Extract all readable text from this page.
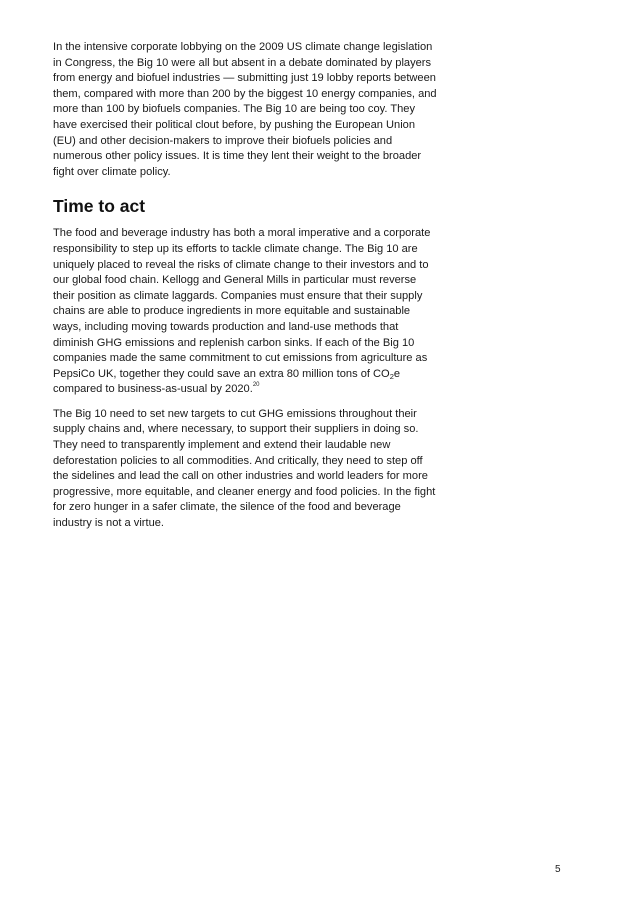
In the intensive corporate lobbying on the 2009 US climate change legislation in Congress, the Big 10 were all but absent in a debate dominated by players from energy and biofuel industries — submitting just 19 lobby reports between them, compared with more than 200 by the biggest 10 energy companies, and more than 100 by biofuels companies. The Big 10 are being too coy. They have exercised their political clout before, by pushing the European Union (EU) and other decision-makers to improve their biofuels policies and numerous other policy issues. It is time they lent their weight to the broader fight over climate policy.

Time to act

The food and beverage industry has both a moral imperative and a corporate responsibility to step up its efforts to tackle climate change. The Big 10 are uniquely placed to reveal the risks of climate change to their investors and to our global food chain. Kellogg and General Mills in particular must reverse their position as climate laggards. Companies must ensure that their supply chains are able to produce ingredients in more equitable and sustainable ways, including moving towards production and land-use methods that diminish GHG emissions and replenish carbon sinks. If each of the Big 10 companies made the same commitment to cut emissions from agriculture as PepsiCo UK, together they could save an extra 80 million tons of $CO_2e$ compared to business-as-usual by 2020.20

The Big 10 need to set new targets to cut GHG emissions throughout their supply chains and, where necessary, to support their suppliers in doing so. They need to transparently implement and extend their laudable new deforestation policies to all commodities. And critically, they need to step off the sidelines and lead the call on other industries and world leaders for more progressive, more equitable, and cleaner energy and food policies. In the fight for zero hunger in a safer climate, the silence of the food and beverage industry is not a virtue.

5
